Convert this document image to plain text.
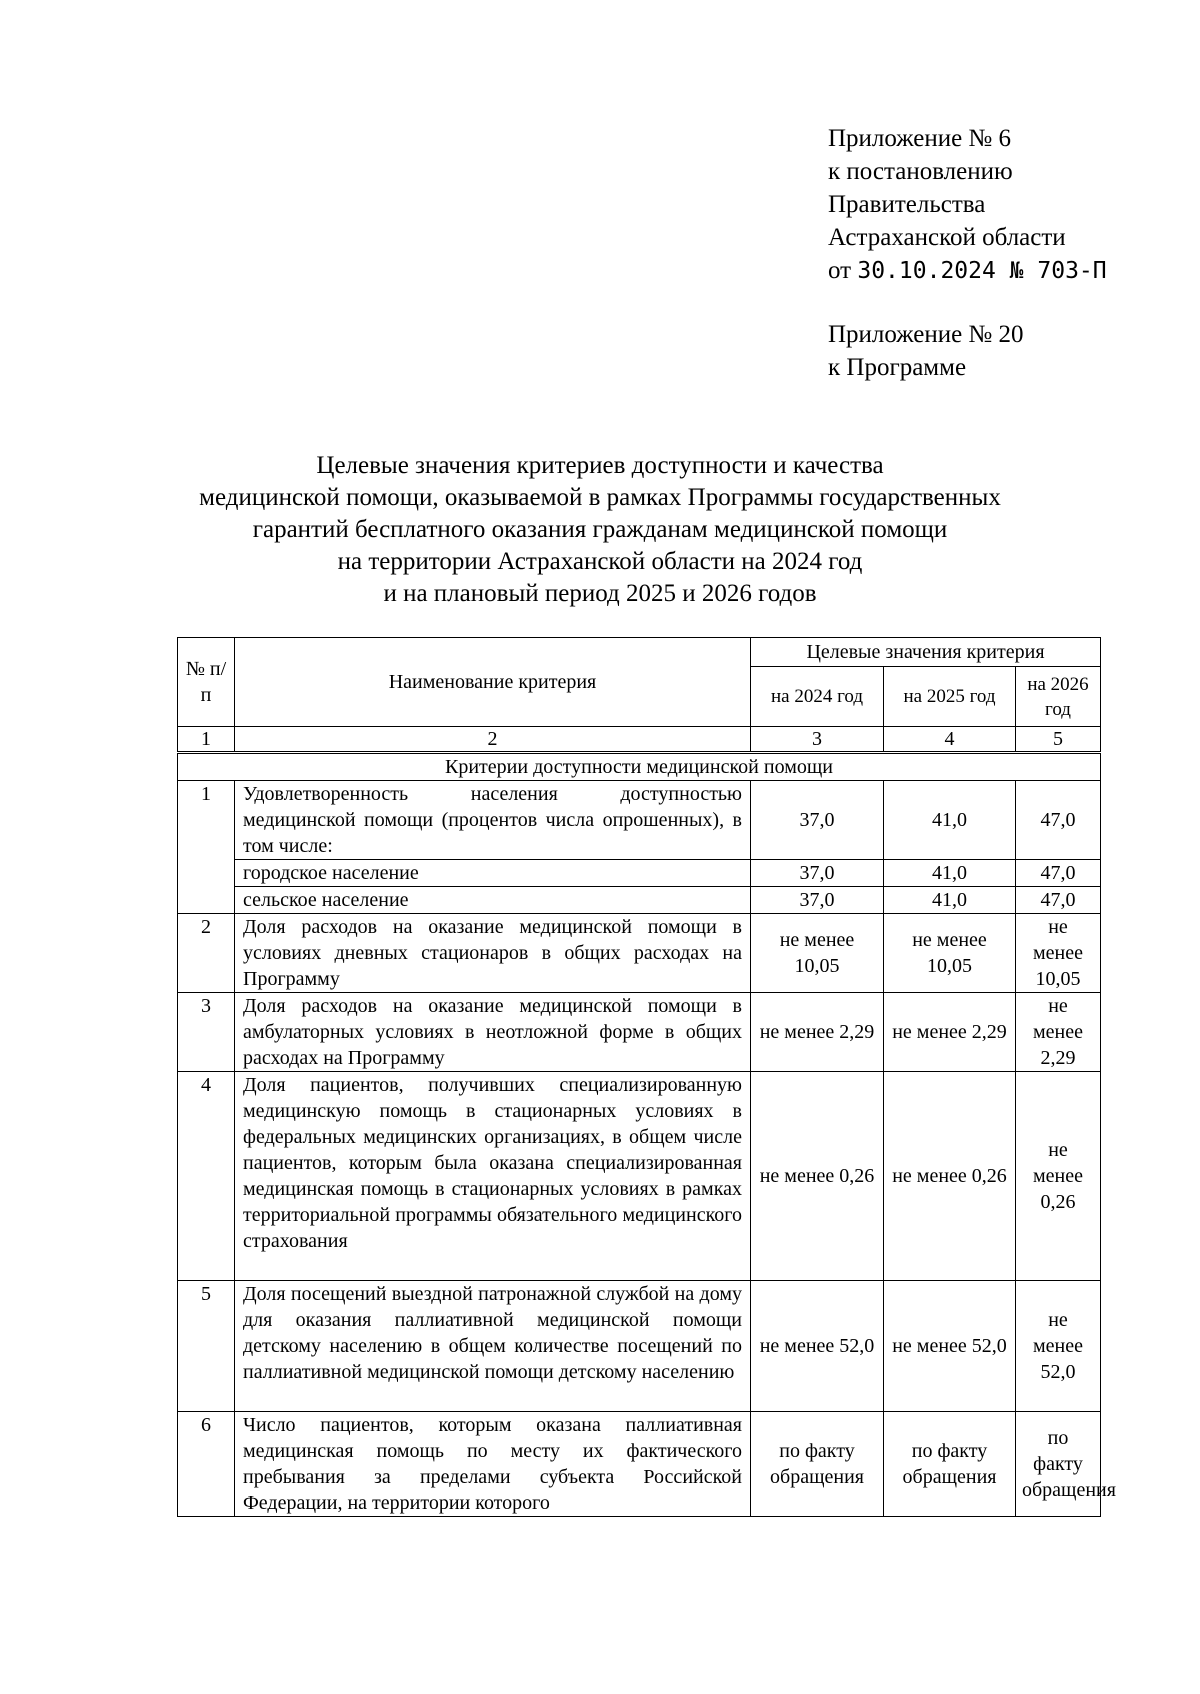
Приложение № 6
к постановлению
Правительства
Астраханской области
от 30.10.2024 № 703-П
Приложение № 20
к Программе
Целевые значения критериев доступности и качества
медицинской помощи, оказываемой в рамках Программы государственных
гарантий бесплатного оказания гражданам медицинской помощи
на территории Астраханской области на 2024 год
и на плановый период 2025 и 2026 годов
№ п/п	Наименование критерия	Целевые значения критерия		
		на 2024 год	на 2025 год	на 2026 год
1	2	3	4	5
Критерии доступности медицинской помощи				
1	Удовлетворенность населения доступностью медицинской помощи (процентов числа опрошенных), в том числе:	37,0	41,0	47,0
	городское население	37,0	41,0	47,0
	сельское население	37,0	41,0	47,0
2	Доля расходов на оказание медицинской помощи в условиях дневных стационаров в общих расходах на Программу	не менее 10,05	не менее 10,05	не менее 10,05
3	Доля расходов на оказание медицинской помощи в амбулаторных условиях в неотложной форме в общих расходах на Программу	не менее 2,29	не менее 2,29	не менее 2,29
4	Доля пациентов, получивших специализированную медицинскую помощь в стационарных условиях в федеральных медицинских организациях, в общем числе пациентов, которым была оказана специализированная медицинская помощь в стационарных условиях в рамках территориальной программы обязательного медицинского страхования	не менее 0,26	не менее 0,26	не менее 0,26
5	Доля посещений выездной патронажной службой на дому для оказания паллиативной медицинской помощи детскому населению в общем количестве посещений по паллиативной медицинской помощи детскому населению	не менее 52,0	не менее 52,0	не менее 52,0
6	Число пациентов, которым оказана паллиативная медицинская помощь по месту их фактического пребывания за пределами субъекта Российской Федерации, на территории которого	по факту обращения	по факту обращения	по факту обращения
